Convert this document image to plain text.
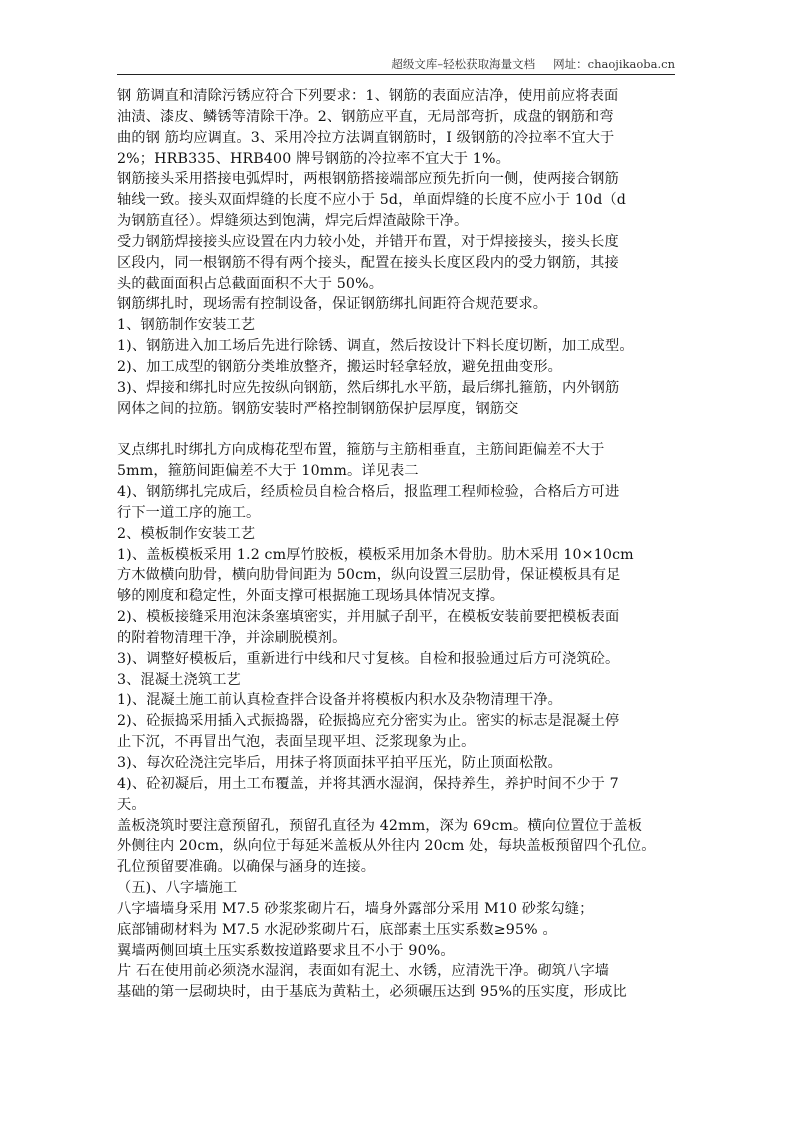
超级文库–轻松获取海量文档 网址：chaojikaoba.cn
钢 筋调直和清除污锈应符合下列要求：1、钢筋的表面应洁净，使用前应将表面
油渍、漆皮、鳞锈等清除干净。2、钢筋应平直，无局部弯折，成盘的钢筋和弯
曲的钢 筋均应调直。3、采用冷拉方法调直钢筋时，I 级钢筋的冷拉率不宜大于
2%；HRB335、HRB400 牌号钢筋的冷拉率不宜大于 1%。
钢筋接头采用搭接电弧焊时，两根钢筋搭接端部应预先折向一侧，使两接合钢筋
轴线一致。接头双面焊缝的长度不应小于 5d，单面焊缝的长度不应小于 10d（d
为钢筋直径）。焊缝须达到饱满，焊完后焊渣敲除干净。
受力钢筋焊接接头应设置在内力较小处，并错开布置，对于焊接接头，接头长度
区段内，同一根钢筋不得有两个接头，配置在接头长度区段内的受力钢筋，其接
头的截面面积占总截面面积不大于 50%。
钢筋绑扎时，现场需有控制设备，保证钢筋绑扎间距符合规范要求。
1、钢筋制作安装工艺
1)、钢筋进入加工场后先进行除锈、调直，然后按设计下料长度切断，加工成型。
2)、加工成型的钢筋分类堆放整齐，搬运时轻拿轻放，避免扭曲变形。
3)、焊接和绑扎时应先按纵向钢筋，然后绑扎水平筋，最后绑扎箍筋，内外钢筋
网体之间的拉筋。钢筋安装时严格控制钢筋保护层厚度，钢筋交
叉点绑扎时绑扎方向成梅花型布置，箍筋与主筋相垂直，主筋间距偏差不大于
5mm，箍筋间距偏差不大于 10mm。详见表二
4)、钢筋绑扎完成后，经质检员自检合格后，报监理工程师检验，合格后方可进
行下一道工序的施工。
2、模板制作安装工艺
1)、盖板模板采用 1.2 cm厚竹胶板，模板采用加条木骨肋。肋木采用 10×10cm
方木做横向肋骨，横向肋骨间距为 50cm，纵向设置三层肋骨，保证模板具有足
够的刚度和稳定性，外面支撑可根据施工现场具体情况支撑。
2)、模板接缝采用泡沫条塞填密实，并用腻子刮平，在模板安装前要把模板表面
的附着物清理干净，并涂刷脱模剂。
3)、调整好模板后，重新进行中线和尺寸复核。自检和报验通过后方可浇筑砼。
3、混凝土浇筑工艺
1)、混凝土施工前认真检查拌合设备并将模板内积水及杂物清理干净。
2)、砼振捣采用插入式振捣器，砼振捣应充分密实为止。密实的标志是混凝土停
止下沉，不再冒出气泡，表面呈现平坦、泛浆现象为止。
3)、每次砼浇注完毕后，用抹子将顶面抹平拍平压光，防止顶面松散。
4)、砼初凝后，用土工布覆盖，并将其洒水湿润，保持养生，养护时间不少于 7
天。
盖板浇筑时要注意预留孔，预留孔直径为 42mm，深为 69cm。横向位置位于盖板
外侧往内 20cm，纵向位于每延米盖板从外往内 20cm 处，每块盖板预留四个孔位。
孔位预留要准确。以确保与涵身的连接。
（五)、八字墙施工
八字墙墙身采用 M7.5 砂浆浆砌片石，墙身外露部分采用 M10 砂浆勾缝；
底部铺砌材料为 M7.5 水泥砂浆砌片石，底部素土压实系数≥95% 。
翼墙两侧回填土压实系数按道路要求且不小于 90%。
片 石在使用前必须浇水湿润，表面如有泥土、水锈，应清洗干净。砌筑八字墙
基础的第一层砌块时，由于基底为黄粘土，必须碾压达到 95%的压实度，形成比
